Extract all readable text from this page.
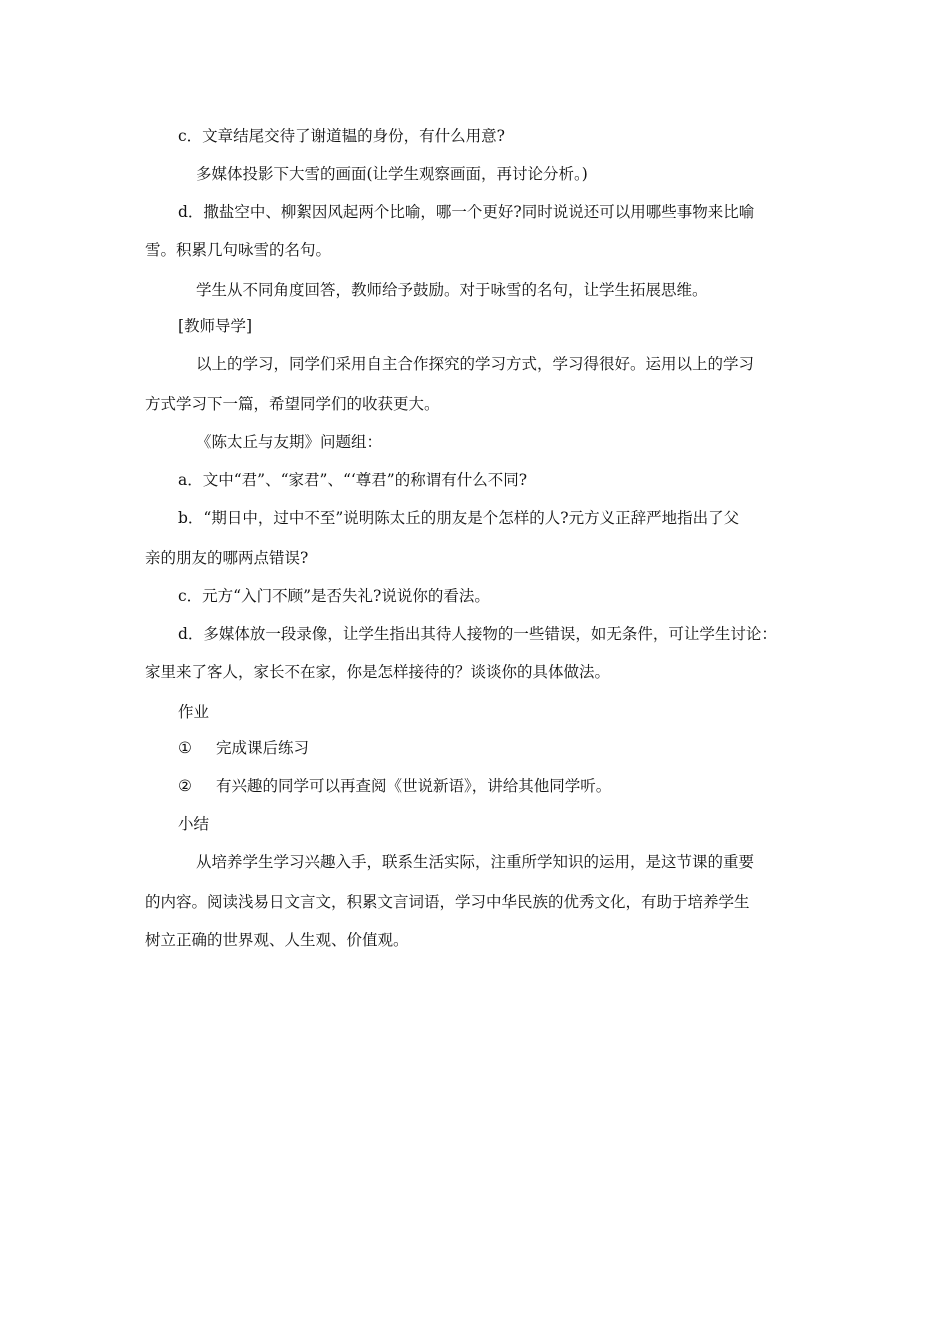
c．文章结尾交待了谢道韫的身份，有什么用意?
多媒体投影下大雪的画面(让学生观察画面，再讨论分析。)
d．撒盐空中、柳絮因风起两个比喻，哪一个更好?同时说说还可以用哪些事物来比喻
雪。积累几句咏雪的名句。
学生从不同角度回答，教师给予鼓励。对于咏雪的名句，让学生拓展思维。
[教师导学]
以上的学习，同学们采用自主合作探究的学习方式，学习得很好。运用以上的学习
方式学习下一篇，希望同学们的收获更大。
《陈太丘与友期》问题组：
a．文中“君”、“家君”、“‘尊君”的称谓有什么不同?
b．“期日中，过中不至”说明陈太丘的朋友是个怎样的人?元方义正辞严地指出了父
亲的朋友的哪两点错误?
c．元方“入门不顾”是否失礼?说说你的看法。
d．多媒体放一段录像，让学生指出其待人接物的一些错误，如无条件，可让学生讨论：
家里来了客人，家长不在家，你是怎样接待的？谈谈你的具体做法。
作业
① 完成课后练习
② 有兴趣的同学可以再查阅《世说新语》，讲给其他同学听。
小结
从培养学生学习兴趣入手，联系生活实际，注重所学知识的运用，是这节课的重要
的内容。阅读浅易日文言文，积累文言词语，学习中华民族的优秀文化，有助于培养学生
树立正确的世界观、人生观、价值观。
